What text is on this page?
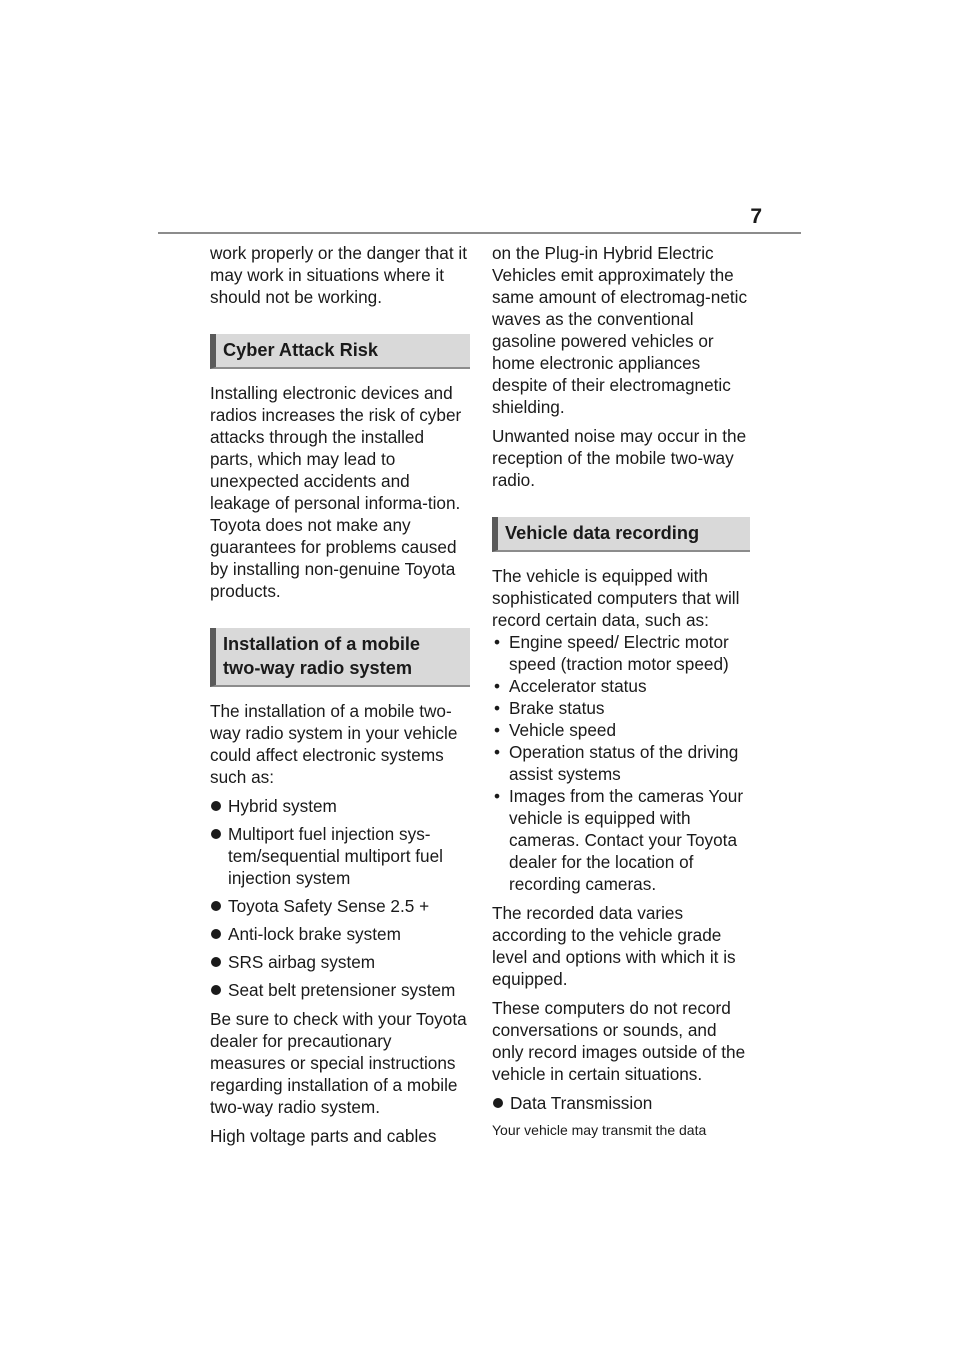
7

work properly or the danger that it may work in situations where it should not be working.

Cyber Attack Risk

Installing electronic devices and radios increases the risk of cyber attacks through the installed parts, which may lead to unexpected accidents and leakage of personal informa-tion. Toyota does not make any guarantees for problems caused by installing non-genuine Toyota products.

Installation of a mobile two-way radio system

The installation of a mobile two-way radio system in your vehicle could affect electronic systems such as:

Hybrid system
Multiport fuel injection sys-tem/sequential multiport fuel injection system
Toyota Safety Sense 2.5 +
Anti-lock brake system
SRS airbag system
Seat belt pretensioner system

Be sure to check with your Toyota dealer for precautionary measures or special instructions regarding installation of a mobile two-way radio system.

High voltage parts and cables

on the Plug-in Hybrid Electric Vehicles emit approximately the same amount of electromag-netic waves as the conventional gasoline powered vehicles or home electronic appliances despite of their electromagnetic shielding.

Unwanted noise may occur in the reception of the mobile two-way radio.

Vehicle data recording

The vehicle is equipped with sophisticated computers that will record certain data, such as:

• Engine speed/ Electric motor speed (traction motor speed)
• Accelerator status
• Brake status
• Vehicle speed
• Operation status of the driving assist systems
• Images from the cameras Your vehicle is equipped with cameras. Contact your Toyota dealer for the location of recording cameras.

The recorded data varies according to the vehicle grade level and options with which it is equipped.

These computers do not record conversations or sounds, and only record images outside of the vehicle in certain situations.

Data Transmission

Your vehicle may transmit the data
